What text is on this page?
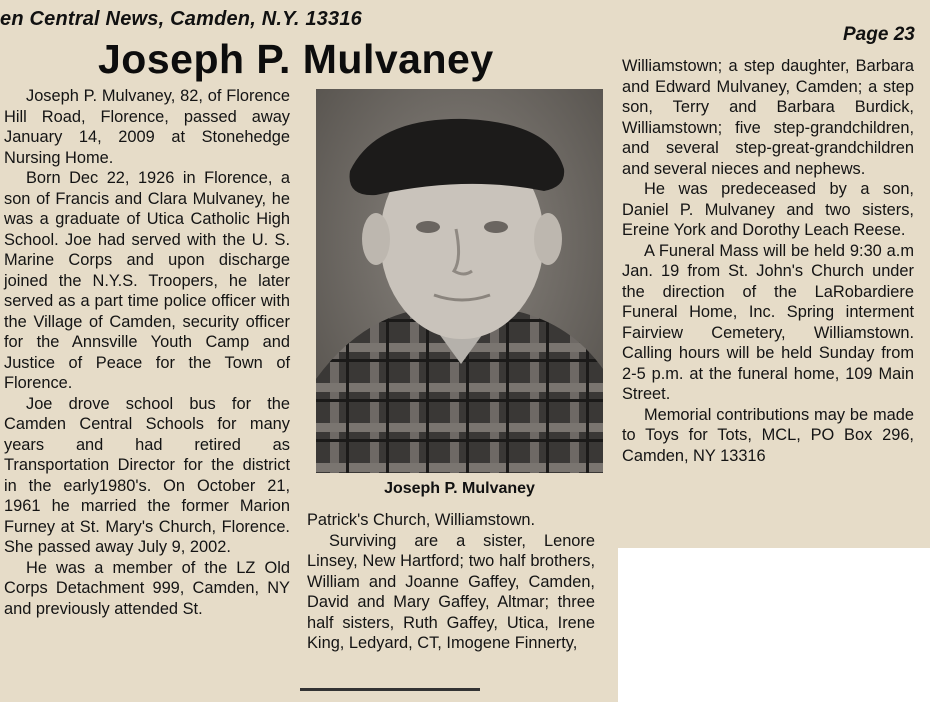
en Central News, Camden, N.Y. 13316
Page 23
Joseph P. Mulvaney

Joseph P. Mulvaney, 82, of Florence Hill Road, Florence, passed away January 14, 2009 at Stonehedge Nursing Home.

Born Dec 22, 1926 in Florence, a son of Francis and Clara Mulvaney, he was a graduate of Utica Catholic High School. Joe had served with the U. S. Marine Corps and upon discharge joined the N.Y.S. Troopers, he later served as a part time police officer with the Village of Camden, security officer for the Annsville Youth Camp and Justice of Peace for the Town of Florence.

Joe drove school bus for the Camden Central Schools for many years and had retired as Transportation Director for the district in the early1980's. On October 21, 1961 he married the former Marion Furney at St. Mary's Church, Florence. She passed away July 9, 2002.

He was a member of the LZ Old Corps Detachment 999, Camden, NY and previously attended St.

Joseph P. Mulvaney

Patrick's Church, Williamstown.

Surviving are a sister, Lenore Linsey, New Hartford; two half brothers, William and Joanne Gaffey, Camden, David and Mary Gaffey, Altmar; three half sisters, Ruth Gaffey, Utica, Irene King, Ledyard, CT, Imogene Finnerty,

Williamstown; a step daughter, Barbara and Edward Mulvaney, Camden; a step son, Terry and Barbara Burdick, Williamstown; five step-grandchildren, and several step-great-grandchildren and several nieces and nephews.

He was predeceased by a son, Daniel P. Mulvaney and two sisters, Ereine York and Dorothy Leach Reese.

A Funeral Mass will be held 9:30 a.m Jan. 19 from St. John's Church under the direction of the LaRobardiere Funeral Home, Inc. Spring interment Fairview Cemetery, Williamstown. Calling hours will be held Sunday from 2-5 p.m. at the funeral home, 109 Main Street.

Memorial contributions may be made to Toys for Tots, MCL, PO Box 296, Camden, NY 13316
